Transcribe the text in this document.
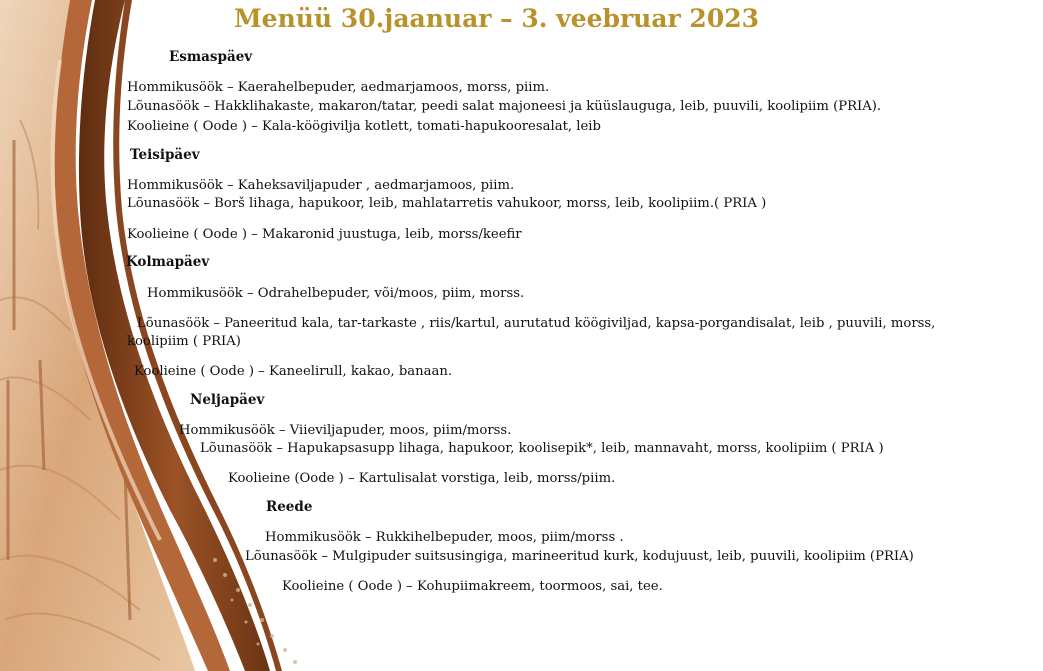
Menüü 30.jaanuar – 3. veebruar 2023
Esmaspäev
Hommikusöök – Kaerahelbepuder, aedmarjamoos, morss, piim.
Lõunasöök – Hakklihakaste, makaron/tatar, peedi salat majoneesi ja küüslauguga, leib, puuvili, koolipiim (PRIA).
Koolieine ( Oode ) – Kala-köögivilja kotlett, tomati-hapukooresalat, leib
Teisipäev
Hommikusöök – Kaheksaviljapuder , aedmarjamoos, piim.
Lõunasöök – Borš lihaga, hapukoor, leib, mahlatarretis vahukoor, morss, leib, koolipiim.( PRIA )
Koolieine ( Oode ) – Makaronid juustuga, leib, morss/keefir
Kolmapäev
Hommikusöök – Odrahelbepuder, või/moos, piim, morss.
Lõunasöök – Paneeritud kala, tar-tarkaste , riis/kartul, aurutatud köögiviljad, kapsa-porgandisalat, leib , puuvili, morss,
koolipiim ( PRIA)
Koolieine ( Oode ) – Kaneelirull, kakao, banaan.
Neljapäev
Hommikusöök – Viieviljapuder, moos, piim/morss.
Lõunasöök – Hapukapsasupp lihaga, hapukoor, koolisepik*, leib, mannavaht, morss, koolipiim ( PRIA )
Koolieine (Oode ) – Kartulisalat vorstiga, leib, morss/piim.
Reede
Hommikusöök – Rukkihelbepuder, moos, piim/morss .
Lõunasöök – Mulgipuder suitsusingiga, marineeritud kurk, kodujuust, leib, puuvili, koolipiim (PRIA)
Koolieine ( Oode ) – Kohupiimakreem, toormoos, sai, tee.
